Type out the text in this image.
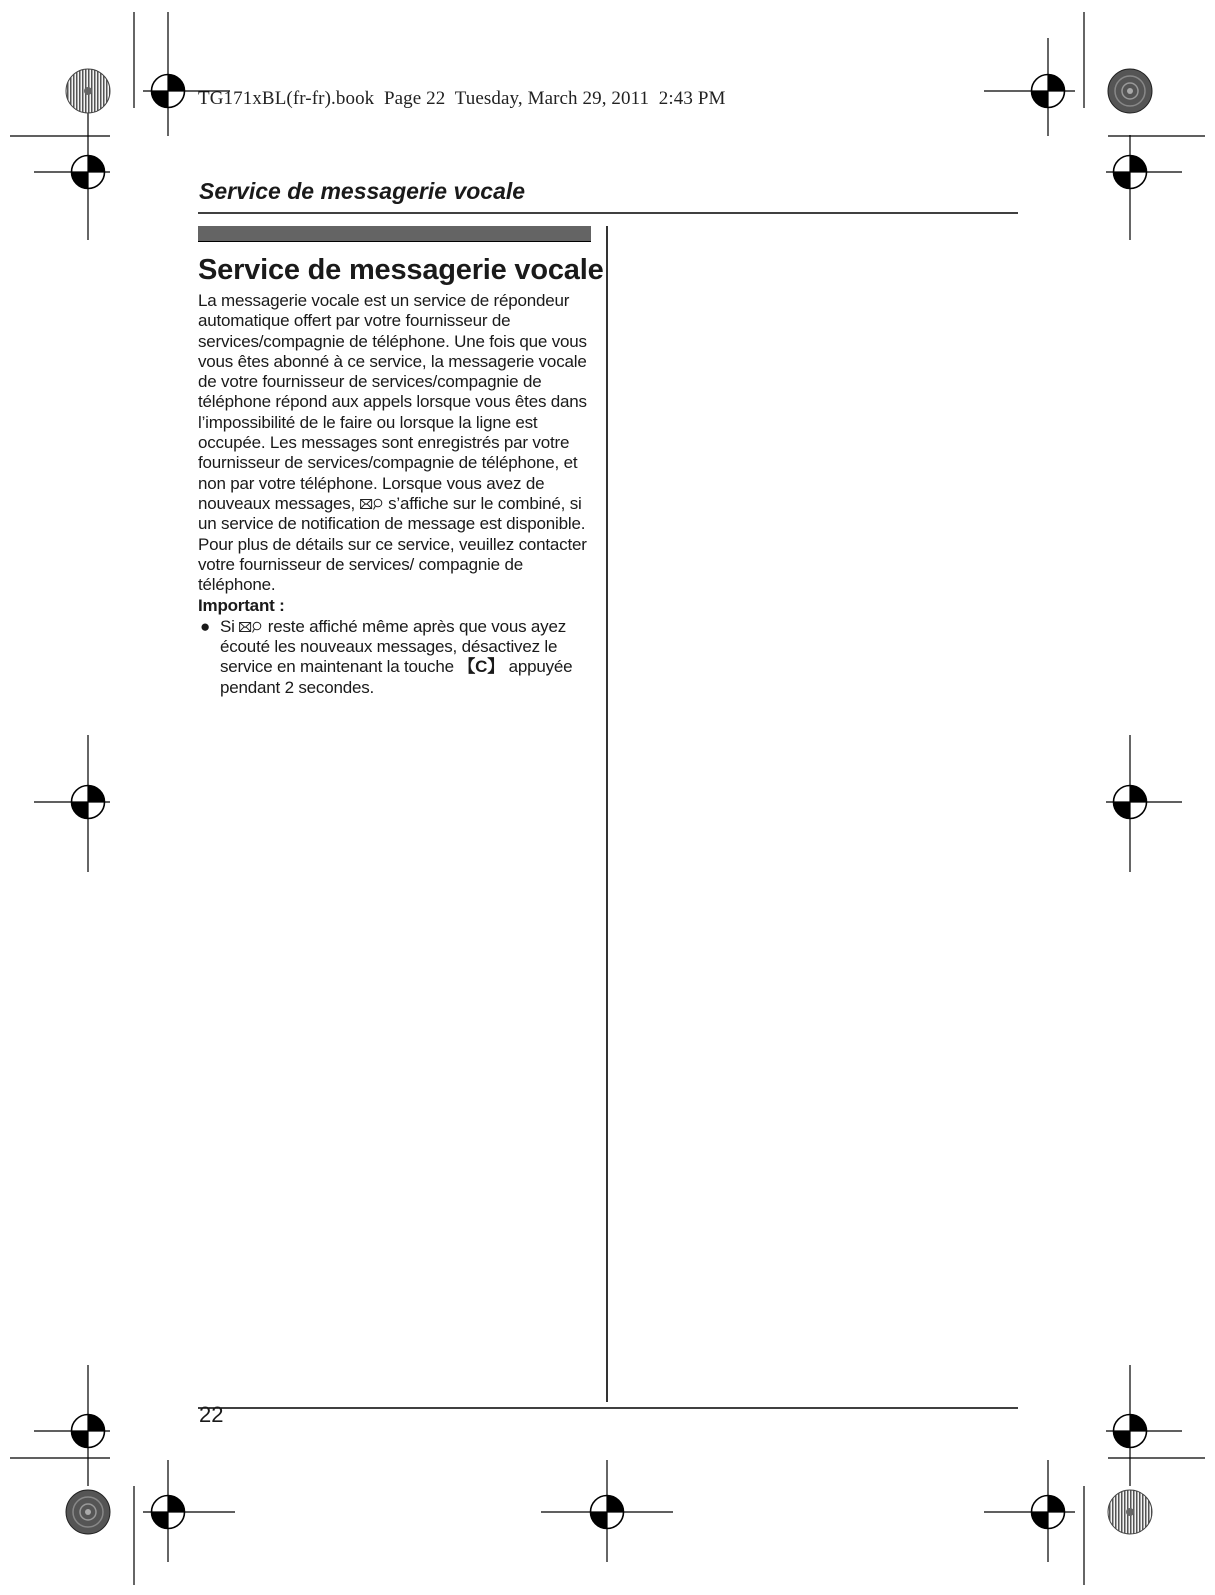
TG171xBL(fr-fr).book  Page 22  Tuesday, March 29, 2011  2:43 PM
Service de messagerie vocale
Service de messagerie vocale

La messagerie vocale est un service de répondeur automatique offert par votre fournisseur de services/compagnie de téléphone. Une fois que vous vous êtes abonné à ce service, la messagerie vocale de votre fournisseur de services/compagnie de téléphone répond aux appels lorsque vous êtes dans l’impossibilité de le faire ou lorsque la ligne est occupée. Les messages sont enregistrés par votre fournisseur de services/compagnie de téléphone, et non par votre téléphone. Lorsque vous avez de nouveaux messages, s’affiche sur le combiné, si un service de notification de message est disponible. Pour plus de détails sur ce service, veuillez contacter votre fournisseur de services/ compagnie de téléphone.

Important :
● Si reste affiché même après que vous ayez écouté les nouveaux messages, désactivez le service en maintenant la touche 【C】 appuyée pendant 2 secondes.
22
